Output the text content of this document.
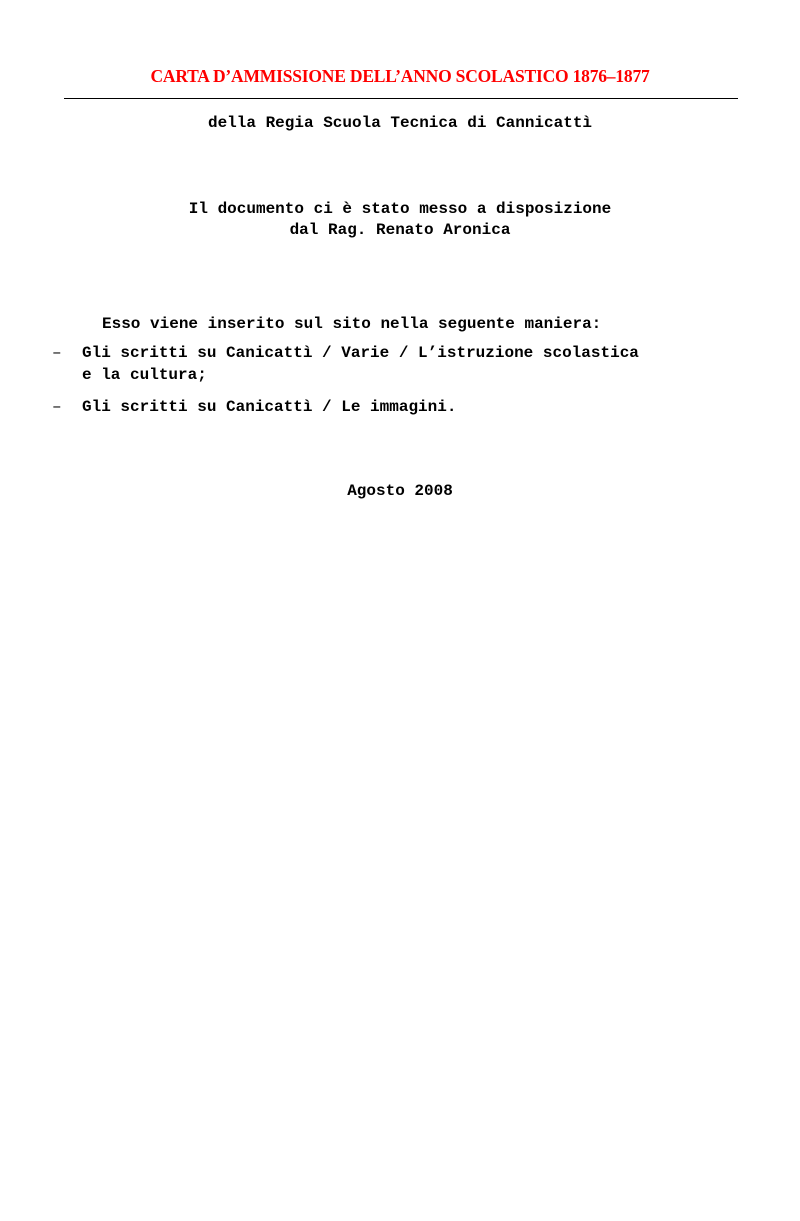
CARTA D’AMMISSIONE DELL’ANNO SCOLASTICO 1876–1877
della Regia Scuola Tecnica di Cannicattì
Il documento ci è stato messo a disposizione
dal Rag. Renato Aronica
Esso viene inserito sul sito nella seguente maniera:
– Gli scritti su Canicattì / Varie / L’istruzione scolastica
e la cultura;
– Gli scritti su Canicattì / Le immagini.
Agosto 2008
